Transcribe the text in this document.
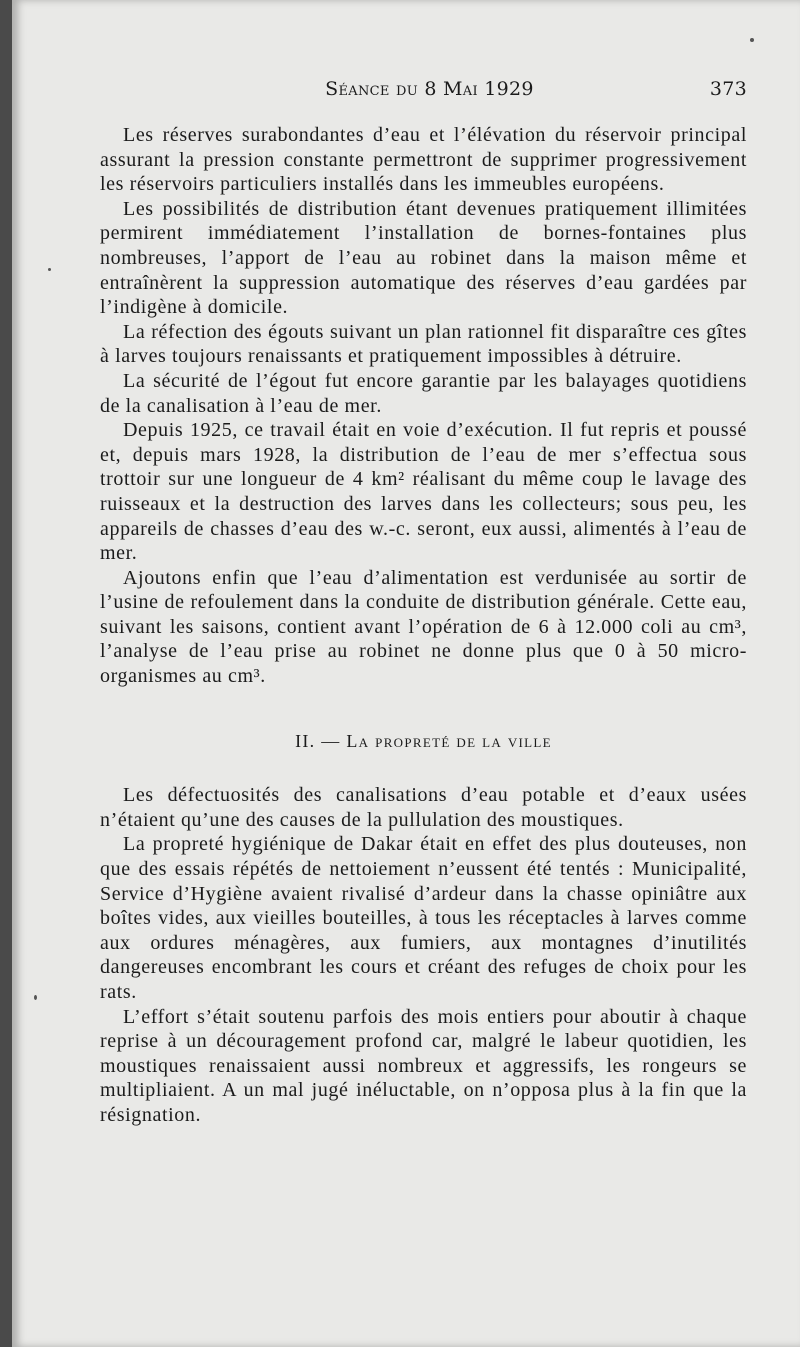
Séance du 8 Mai 1929	373

Les réserves surabondantes d’eau et l’élévation du réservoir principal assurant la pression constante permettront de supprimer progressivement les réservoirs particuliers installés dans les immeubles européens.

Les possibilités de distribution étant devenues pratiquement illimitées permirent immédiatement l’installation de bornes-fontaines plus nombreuses, l’apport de l’eau au robinet dans la maison même et entraînèrent la suppression automatique des réserves d’eau gardées par l’indigène à domicile.

La réfection des égouts suivant un plan rationnel fit disparaître ces gîtes à larves toujours renaissants et pratiquement impossibles à détruire.

La sécurité de l’égout fut encore garantie par les balayages quotidiens de la canalisation à l’eau de mer.

Depuis 1925, ce travail était en voie d’exécution. Il fut repris et poussé et, depuis mars 1928, la distribution de l’eau de mer s’effectua sous trottoir sur une longueur de 4 km² réalisant du même coup le lavage des ruisseaux et la destruction des larves dans les collecteurs; sous peu, les appareils de chasses d’eau des w.-c. seront, eux aussi, alimentés à l’eau de mer.

Ajoutons enfin que l’eau d’alimentation est verdunisée au sortir de l’usine de refoulement dans la conduite de distribution générale. Cette eau, suivant les saisons, contient avant l’opération de 6 à 12.000 coli au cm³, l’analyse de l’eau prise au robinet ne donne plus que 0 à 50 micro-organismes au cm³.

II. — La propreté de la ville

Les défectuosités des canalisations d’eau potable et d’eaux usées n’étaient qu’une des causes de la pullulation des moustiques.

La propreté hygiénique de Dakar était en effet des plus douteuses, non que des essais répétés de nettoiement n’eussent été tentés : Municipalité, Service d’Hygiène avaient rivalisé d’ardeur dans la chasse opiniâtre aux boîtes vides, aux vieilles bouteilles, à tous les réceptacles à larves comme aux ordures ménagères, aux fumiers, aux montagnes d’inutilités dangereuses encombrant les cours et créant des refuges de choix pour les rats.

L’effort s’était soutenu parfois des mois entiers pour aboutir à chaque reprise à un découragement profond car, malgré le labeur quotidien, les moustiques renaissaient aussi nombreux et aggressifs, les rongeurs se multipliaient. A un mal jugé inéluctable, on n’opposa plus à la fin que la résignation.
